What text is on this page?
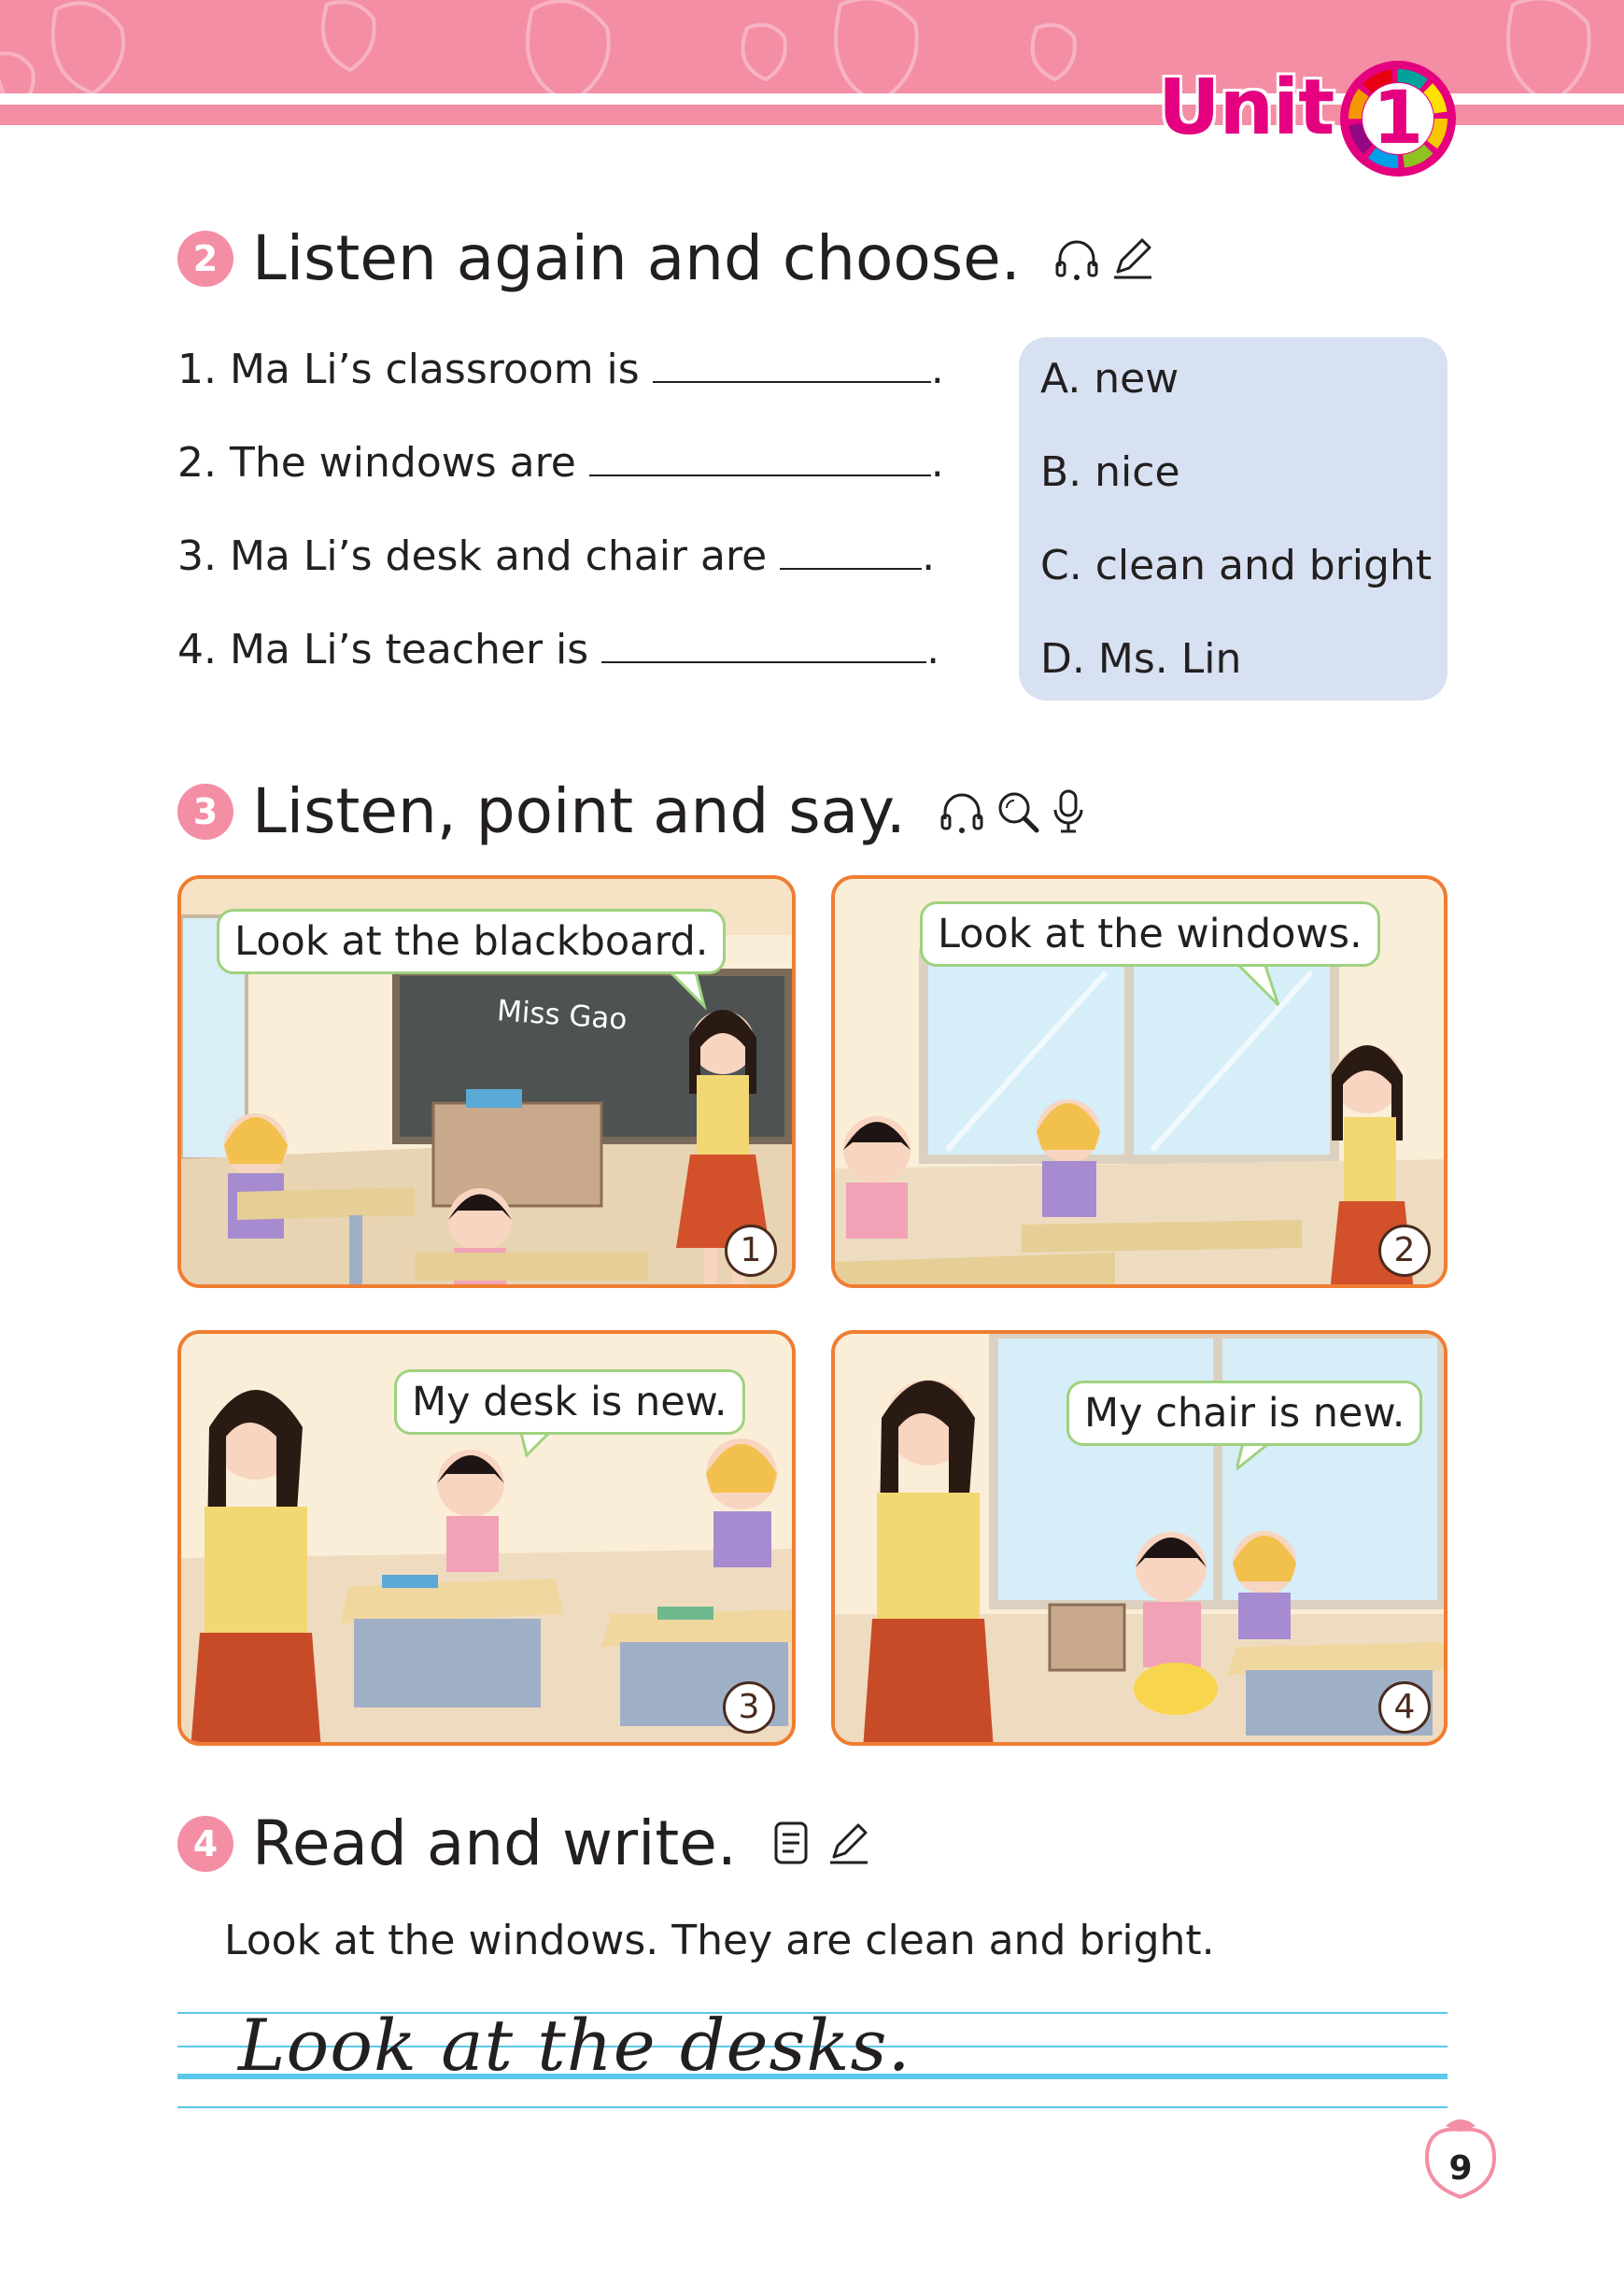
Unit 1
2 Listen again and choose.
1. Ma Li’s classroom is	.
2. The windows are	.
3. Ma Li’s desk and chair are	.
4. Ma Li’s teacher is	.
A. new
B. nice
C. clean and bright
D. Ms. Lin
3 Listen, point and say.
Miss Gao
Look at the blackboard.
1
Look at the windows.
2
My desk is new.
3
My chair is new.
4
4 Read and write.
Look at the windows. They are clean and bright.
Look at the desks.
9
